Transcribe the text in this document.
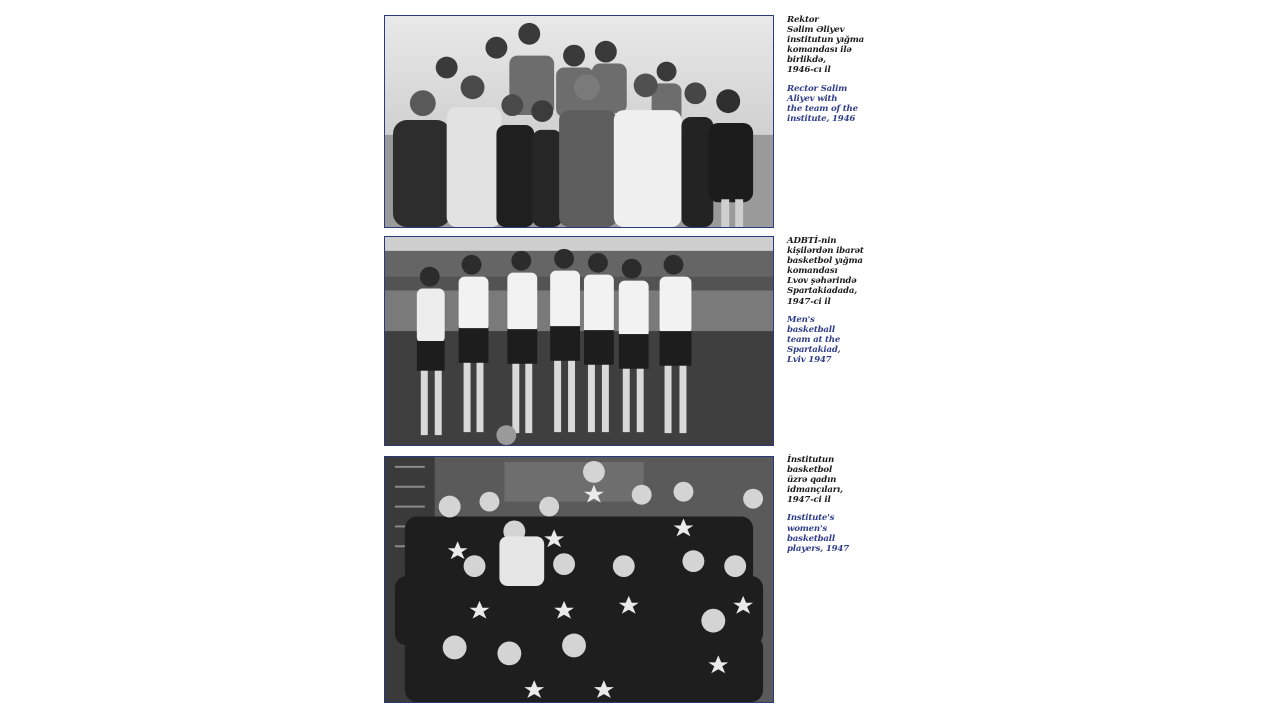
Rektor
Səlim Əliyev
institutun yığma
komandası ilə
birlikdə,
1946-cı il
Rector Salim
Aliyev with
the team of the
institute, 1946
ADBTİ-nin
kişilərdən ibarət
basketbol yığma
komandası
Lvov şəhərində
Spartakiadada,
1947-ci il
Men's basketball
team at the
Spartakiad,
Lviv 1947
İnstitutun
basketbol
üzrə qadın
idmançıları,
1947-ci il
Institute's
women's
basketball
players, 1947
